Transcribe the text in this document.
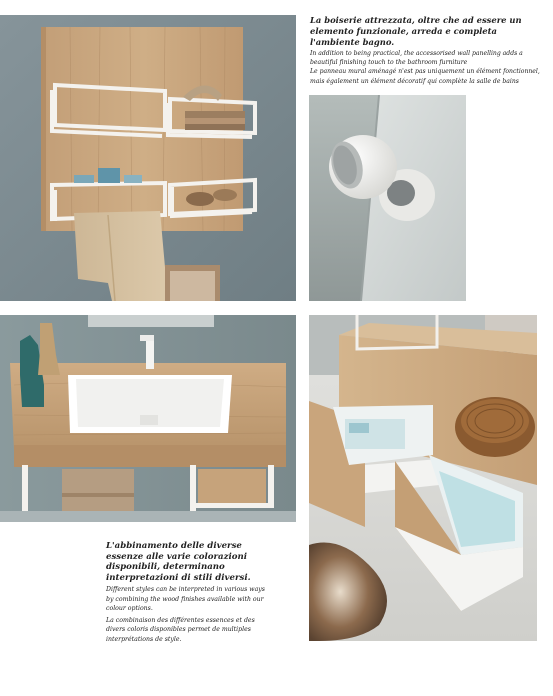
La boiserie attrezzata, oltre che ad essere un elemento funzionale, arreda e completa l'ambiente bagno.
In addition to being practical, the accessorised wall panelling adds a beautiful finishing touch to the bathroom furniture
Le panneau mural aménagé n'est pas uniquement un élément fonctionnel, mais également un élément décoratif qui complète la salle de bains
L'abbinamento delle diverse essenze alle varie colorazioni disponibili, determinano interpretazioni di stili diversi.
Different styles can be interpreted in various ways by combining the wood finishes available with our colour options.
La combinaison des différentes essences et des divers coloris disponibles permet de multiples interprétations de style.
